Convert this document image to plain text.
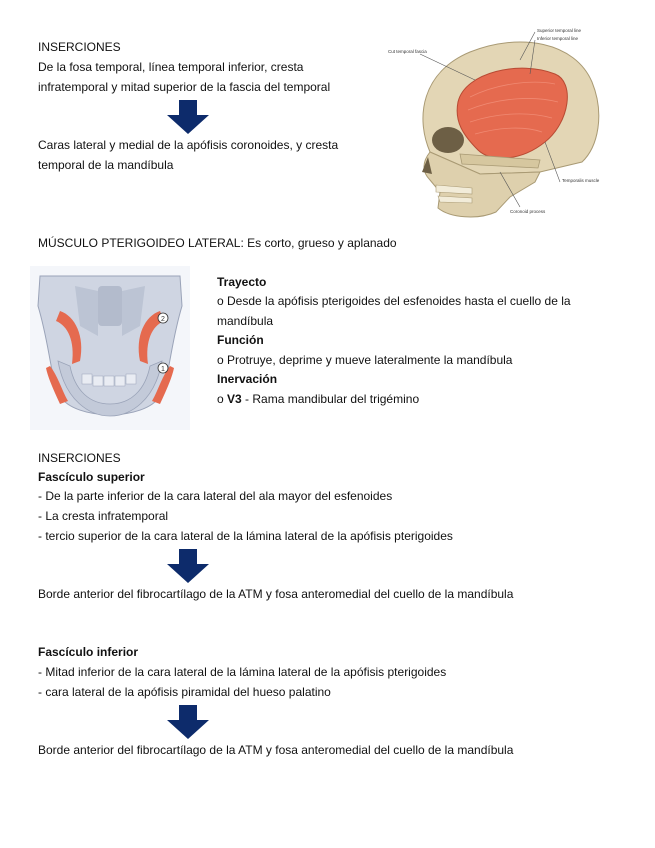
INSERCIONES
De la fosa temporal, línea temporal inferior, cresta
infratemporal y mitad superior de la fascia del temporal
Caras lateral y medial de la apófisis coronoides, y cresta
temporal de la mandíbula
Cut temporal fascia
Superior temporal line
Inferior temporal line
Temporalis muscle
Coronoid process
MÚSCULO PTERIGOIDEO LATERAL: Es corto, grueso y aplanado
2
1
Trayecto
o Desde la apófisis pterigoides del esfenoides hasta el cuello de la
mandíbula
Función
o Protruye, deprime y mueve lateralmente la mandíbula
Inervación
o V3 - Rama mandibular del trigémino
INSERCIONES
Fascículo superior
- De la parte inferior de la cara lateral del ala mayor del esfenoides
- La cresta infratemporal
- tercio superior de la cara lateral de la lámina lateral de la apófisis pterigoides
Borde anterior del fibrocartílago de la ATM y fosa anteromedial del cuello de la mandíbula
Fascículo inferior
- Mitad inferior de la cara lateral de la lámina lateral de la apófisis pterigoides
- cara lateral de la apófisis piramidal del hueso palatino
Borde anterior del fibrocartílago de la ATM y fosa anteromedial del cuello de la mandíbula
